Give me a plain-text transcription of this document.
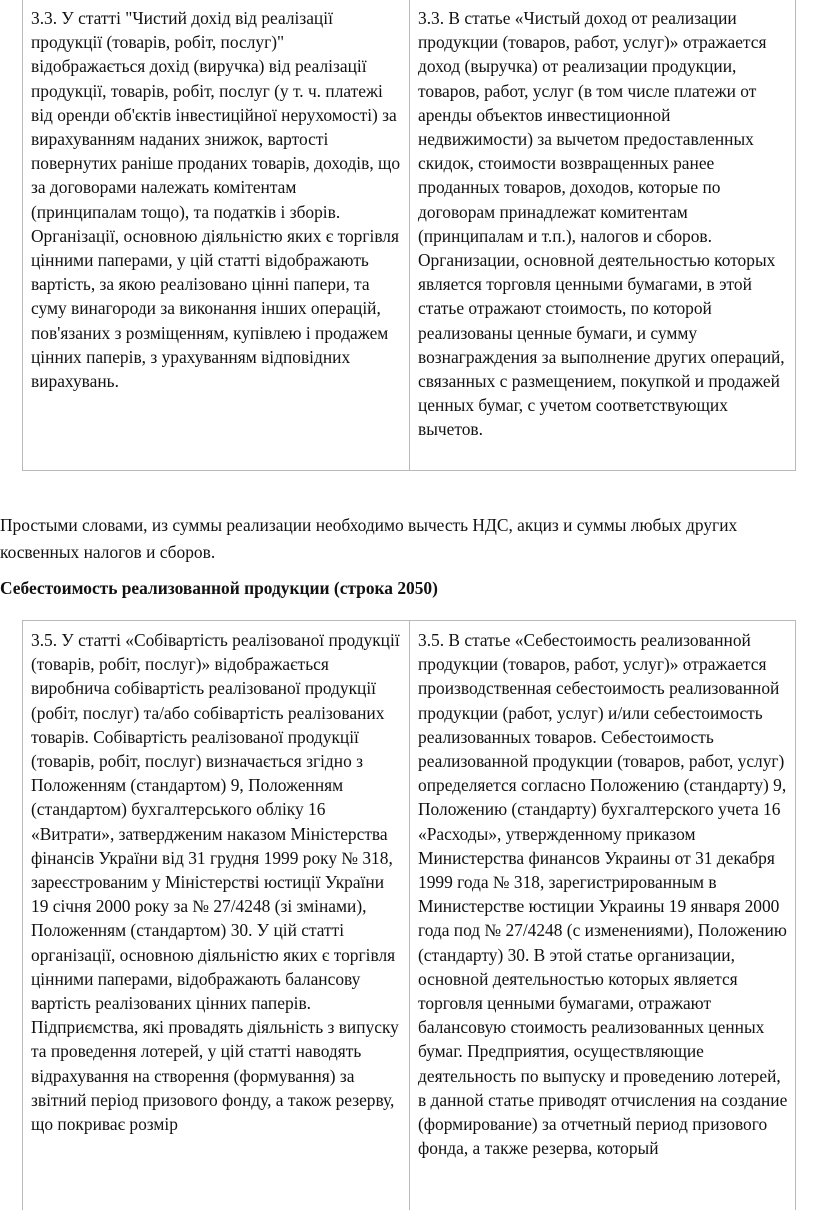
3.3. У статті "Чистий дохід від реалізації продукції (товарів, робіт, послуг)" відображається дохід (виручка) від реалізації продукції, товарів, робіт, послуг (у т. ч. платежі від оренди об'єктів інвестиційної нерухомості) за вирахуванням наданих знижок, вартості повернутих раніше проданих товарів, доходів, що за договорами належать комітентам (принципалам тощо), та податків і зборів.

Організації, основною діяльністю яких є торгівля цінними паперами, у цій статті відображають вартість, за якою реалізовано цінні папери, та суму винагороди за виконання інших операцій, пов'язаних з розміщенням, купівлею і продажем цінних паперів, з урахуванням відповідних вирахувань.

3.3. В статье «Чистый доход от реализации продукции (товаров, работ, услуг)» отражается доход (выручка) от реализации продукции, товаров, работ, услуг (в том числе платежи от аренды объектов инвестиционной недвижимости) за вычетом предоставленных скидок, стоимости возвращенных ранее проданных товаров, доходов, которые по договорам принадлежат комитентам (принципалам и т.п.), налогов и сборов.

Организации, основной деятельностью которых является торговля ценными бумагами, в этой статье отражают стоимость, по которой реализованы ценные бумаги, и сумму вознаграждения за выполнение других операций, связанных с размещением, покупкой и продажей ценных бумаг, с учетом соответствующих вычетов.

Простыми словами, из суммы реализации необходимо вычесть НДС, акциз и суммы любых других косвенных налогов и сборов.

Себестоимость реализованной продукции (строка 2050)

3.5. У статті «Собівартість реалізованої продукції (товарів, робіт, послуг)» відображається виробнича собівартість реалізованої продукції (робіт, послуг) та/або собівартість реалізованих товарів. Собівартість реалізованої продукції (товарів, робіт, послуг) визначається згідно з Положенням (стандартом) 9, Положенням (стандартом) бухгалтерського обліку 16 «Витрати», затвердженим наказом Міністерства фінансів України від 31 грудня 1999 року № 318, зареєстрованим у Міністерстві юстиції України 19 січня 2000 року за № 27/4248 (зі змінами), Положенням (стандартом) 30. У цій статті організації, основною діяльністю яких є торгівля цінними паперами, відображають балансову вартість реалізованих цінних паперів. Підприємства, які провадять діяльність з випуску та проведення лотерей, у цій статті наводять відрахування на створення (формування) за звітний період призового фонду, а також резерву, що покриває розмір

3.5. В статье «Себестоимость реализованной продукции (товаров, работ, услуг)» отражается производственная себестоимость реализованной продукции (работ, услуг) и/или себестоимость реализованных товаров. Себестоимость реализованной продукции (товаров, работ, услуг) определяется согласно Положению (стандарту) 9, Положению (стандарту) бухгалтерского учета 16 «Расходы», утвержденному приказом Министерства финансов Украины от 31 декабря 1999 года № 318, зарегистрированным в Министерстве юстиции Украины 19 января 2000 года под № 27/4248 (с изменениями), Положению (стандарту) 30. В этой статье организации, основной деятельностью которых является торговля ценными бумагами, отражают балансовую стоимость реализованных ценных бумаг. Предприятия, осуществляющие деятельность по выпуску и проведению лотерей, в данной статье приводят отчисления на создание (формирование) за отчетный период призового фонда, а также резерва, который
